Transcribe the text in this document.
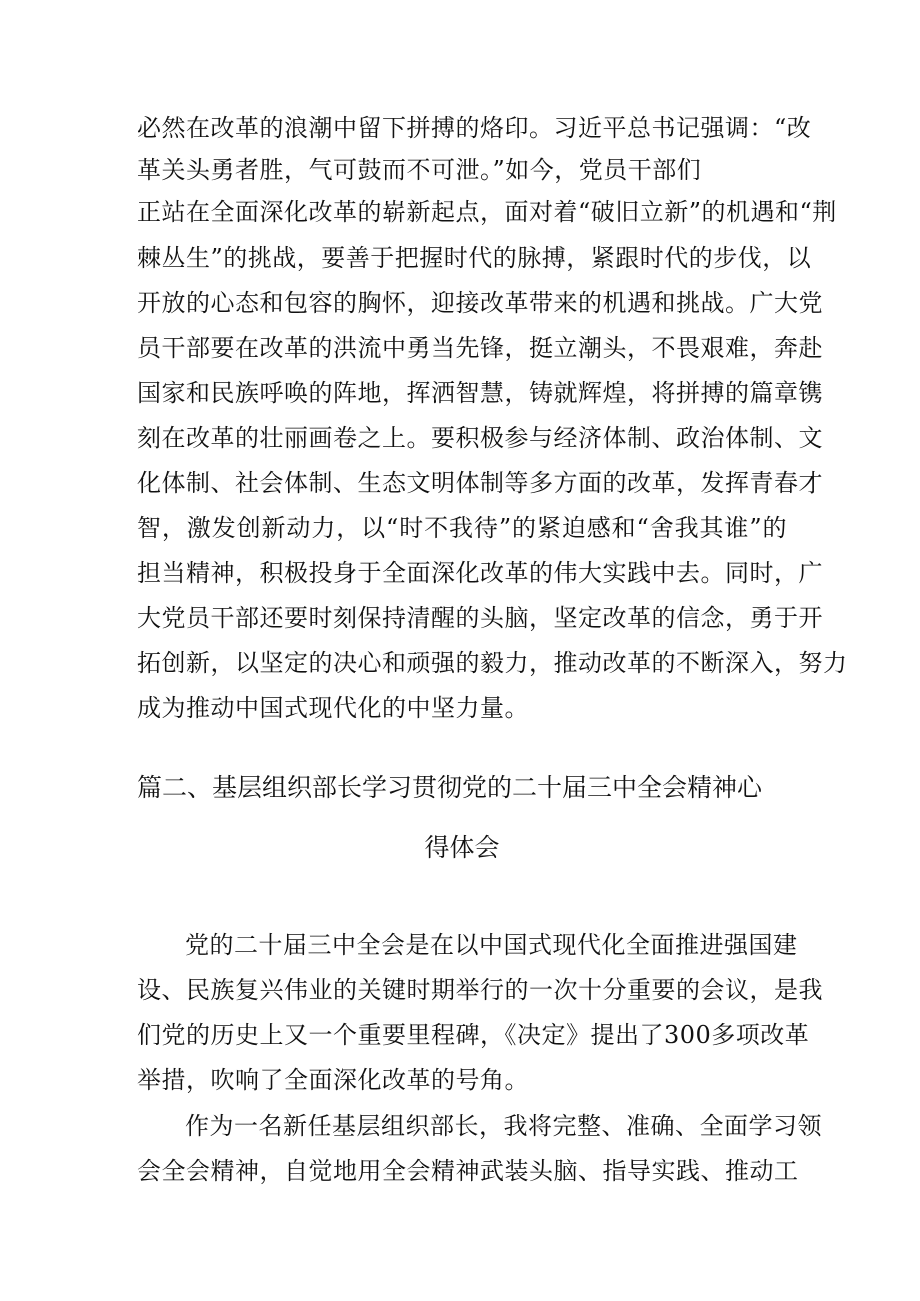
必然在改革的浪潮中留下拼搏的烙印。习近平总书记强调：“改
革关头勇者胜，气可鼓而不可泄。”如今，党员干部们
正站在全面深化改革的崭新起点，面对着“破旧立新”的机遇和“荆
棘丛生”的挑战，要善于把握时代的脉搏，紧跟时代的步伐，以
开放的心态和包容的胸怀，迎接改革带来的机遇和挑战。广大党
员干部要在改革的洪流中勇当先锋，挺立潮头，不畏艰难，奔赴
国家和民族呼唤的阵地，挥洒智慧，铸就辉煌，将拼搏的篇章镌
刻在改革的壮丽画卷之上。要积极参与经济体制、政治体制、文
化体制、社会体制、生态文明体制等多方面的改革，发挥青春才
智，激发创新动力，以“时不我待”的紧迫感和“舍我其谁”的
担当精神，积极投身于全面深化改革的伟大实践中去。同时，广
大党员干部还要时刻保持清醒的头脑，坚定改革的信念，勇于开
拓创新，以坚定的决心和顽强的毅力，推动改革的不断深入，努力
成为推动中国式现代化的中坚力量。
篇二、基层组织部长学习贯彻党的二十届三中全会精神心
得体会
党的二十届三中全会是在以中国式现代化全面推进强国建
设、民族复兴伟业的关键时期举行的一次十分重要的会议，是我
们党的历史上又一个重要里程碑，《决定》提出了300多项改革
举措，吹响了全面深化改革的号角。
作为一名新任基层组织部长，我将完整、准确、全面学习领
会全会精神，自觉地用全会精神武装头脑、指导实践、推动工
